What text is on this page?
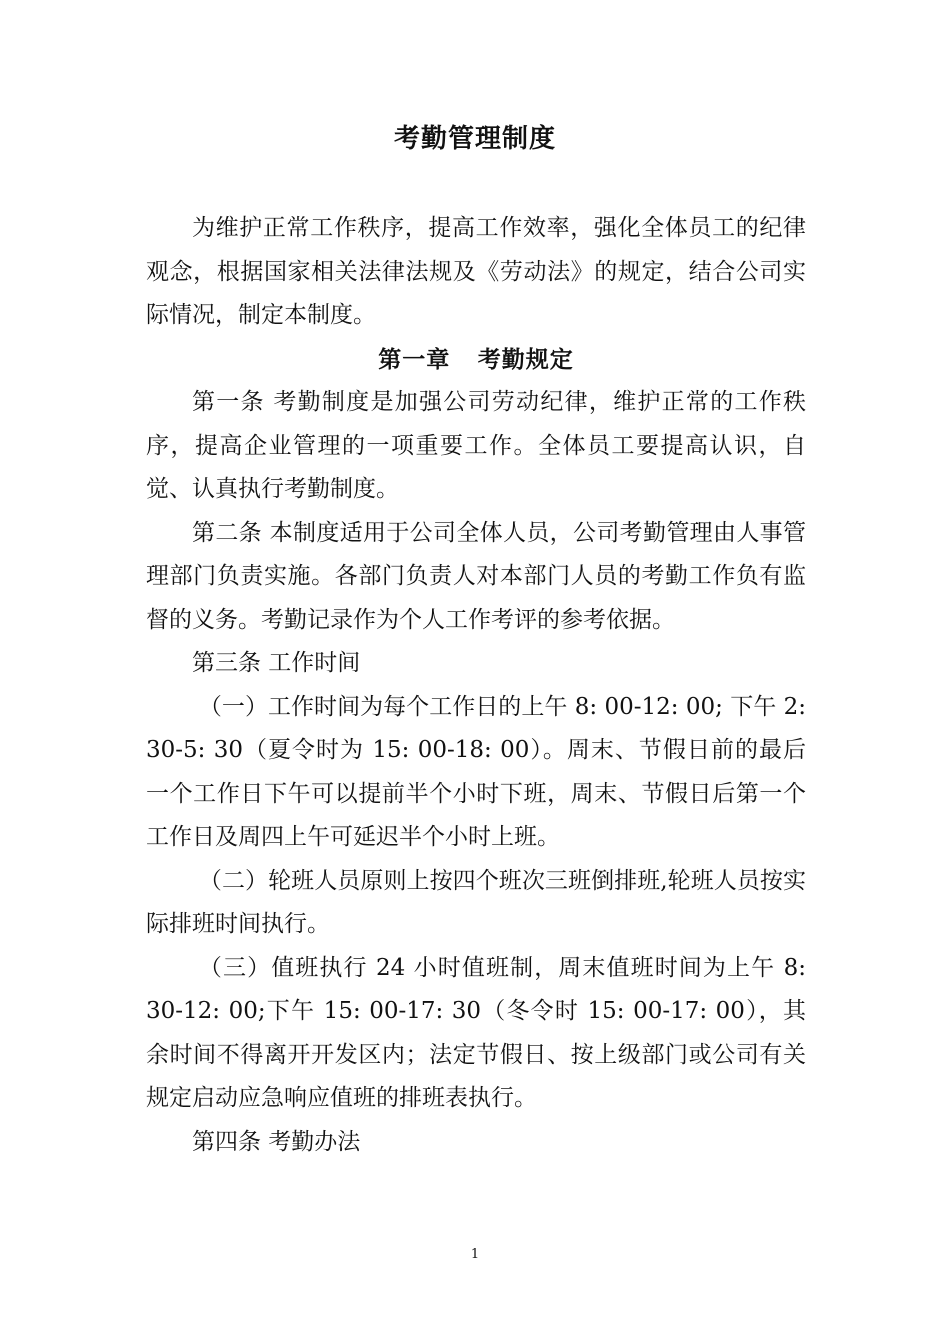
考勤管理制度

为维护正常工作秩序，提高工作效率，强化全体员工的纪律观念，根据国家相关法律法规及《劳动法》的规定，结合公司实际情况，制定本制度。

第一章 考勤规定

第一条 考勤制度是加强公司劳动纪律，维护正常的工作秩序，提高企业管理的一项重要工作。全体员工要提高认识，自觉、认真执行考勤制度。

第二条 本制度适用于公司全体人员，公司考勤管理由人事管理部门负责实施。各部门负责人对本部门人员的考勤工作负有监督的义务。考勤记录作为个人工作考评的参考依据。

第三条 工作时间

（一）工作时间为每个工作日的上午 8: 00-12: 00; 下午 2: 30-5: 30（夏令时为 15: 00-18: 00）。周末、节假日前的最后一个工作日下午可以提前半个小时下班，周末、节假日后第一个工作日及周四上午可延迟半个小时上班。

（二）轮班人员原则上按四个班次三班倒排班,轮班人员按实际排班时间执行。

（三）值班执行 24 小时值班制，周末值班时间为上午 8: 30-12: 00;下午 15: 00-17: 30（冬令时 15: 00-17: 00），其余时间不得离开开发区内；法定节假日、按上级部门或公司有关规定启动应急响应值班的排班表执行。

第四条 考勤办法

1
